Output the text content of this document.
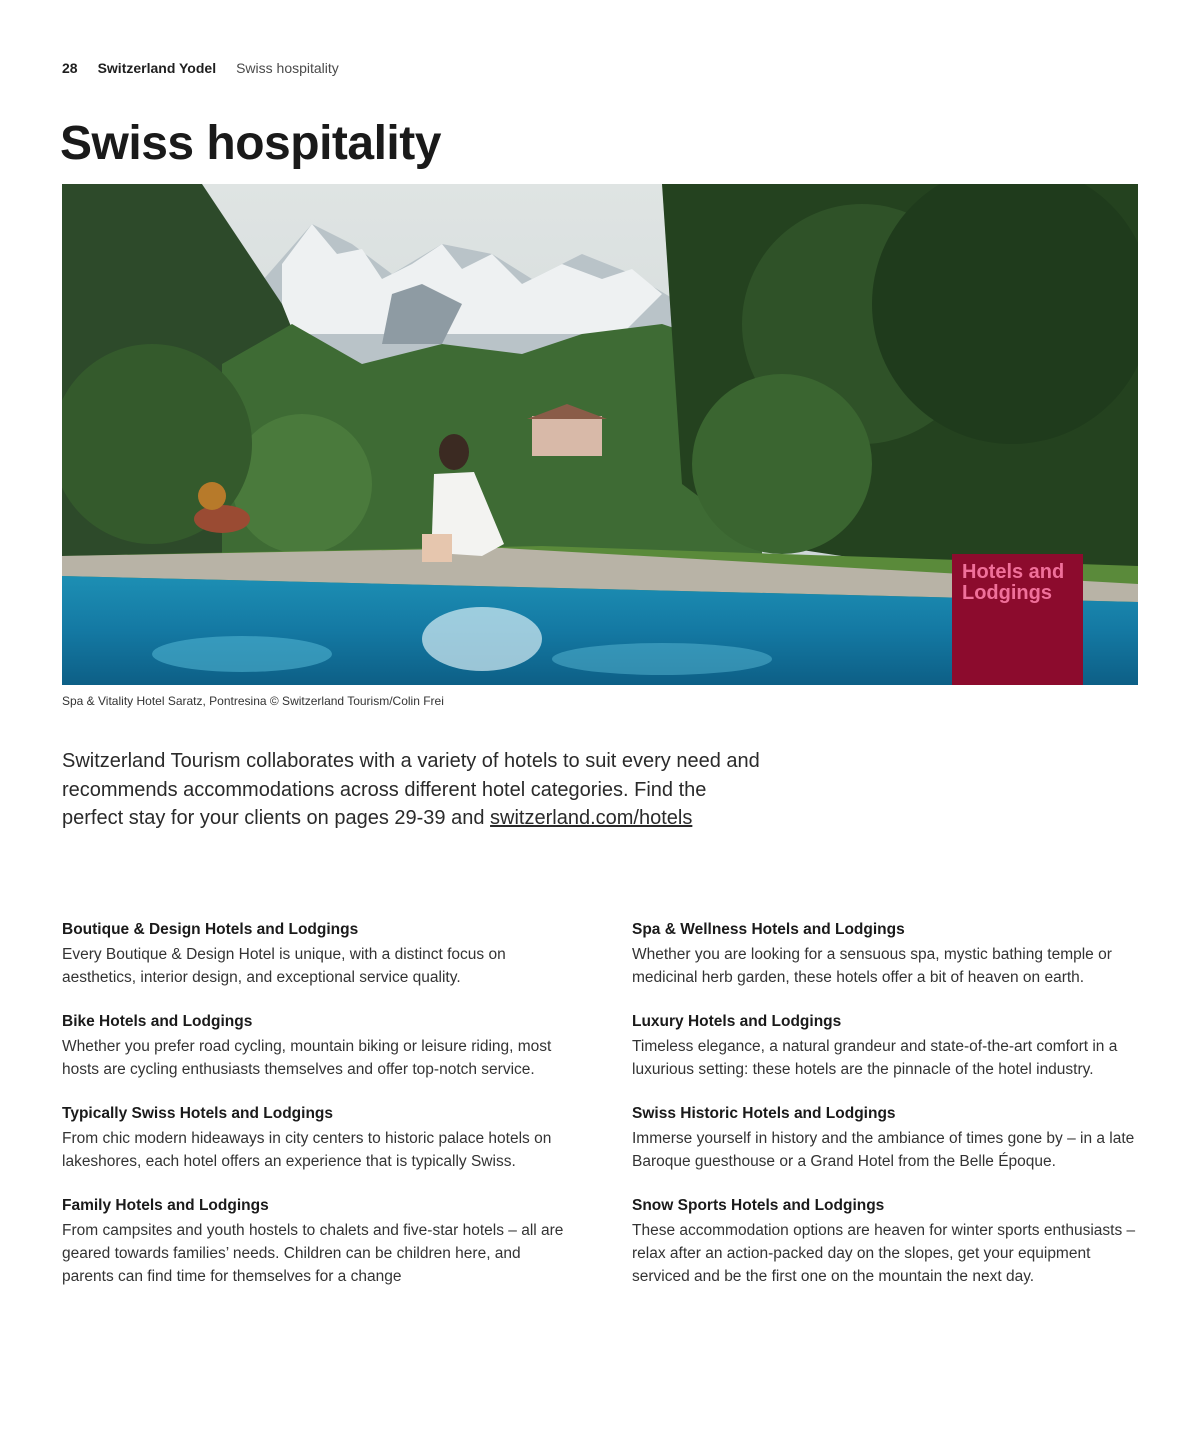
28 Switzerland Yodel Swiss hospitality
Swiss hospitality
Hotels and
Lodgings
Spa & Vitality Hotel Saratz, Pontresina © Switzerland Tourism/Colin Frei
Switzerland Tourism collaborates with a variety of hotels to suit every need and recommends accommodations across different hotel categories. Find the perfect stay for your clients on pages 29-39 and switzerland.com/hotels
Boutique & Design Hotels and Lodgings

Every Boutique & Design Hotel is unique, with a distinct focus on aesthetics, interior design, and exceptional service quality.

Bike Hotels and Lodgings

Whether you prefer road cycling, mountain biking or leisure riding, most hosts are cycling enthusiasts themselves and offer top-notch service.

Typically Swiss Hotels and Lodgings

From chic modern hideaways in city centers to historic palace hotels on lakeshores, each hotel offers an experience that is typically Swiss.

Family Hotels and Lodgings

From campsites and youth hostels to chalets and five-star hotels – all are geared towards families’ needs. Children can be children here, and parents can find time for themselves for a change

Spa & Wellness Hotels and Lodgings

Whether you are looking for a sensuous spa, mystic bathing temple or medicinal herb garden, these hotels offer a bit of heaven on earth.

Luxury Hotels and Lodgings

Timeless elegance, a natural grandeur and state-of-the-art comfort in a luxurious setting: these hotels are the pinnacle of the hotel industry.

Swiss Historic Hotels and Lodgings

Immerse yourself in history and the ambiance of times gone by – in a late Baroque guesthouse or a Grand Hotel from the Belle Époque.

Snow Sports Hotels and Lodgings

These accommodation options are heaven for winter sports enthusiasts – relax after an action-packed day on the slopes, get your equipment serviced and be the first one on the mountain the next day.
